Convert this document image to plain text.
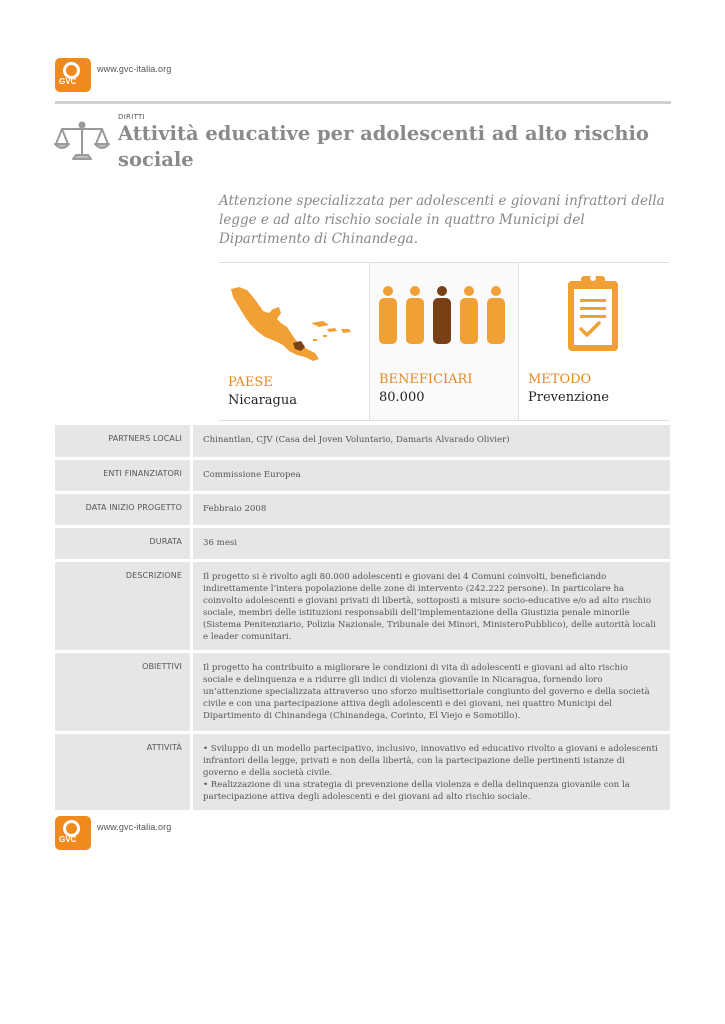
GVC
www.gvc-italia.org
DIRITTI
Attività educative per adolescenti ad alto rischio sociale

Attenzione specializzata per adolescenti e giovani infrattori della legge e ad alto rischio sociale in quattro Municipi del Dipartimento di Chinandega.

PAESE
Nicaragua
BENEFICIARI
80.000
METODO
Prevenzione
PARTNERS LOCALI	Chinantlan, CJV (Casa del Joven Voluntario, Damaris Alvarado Olivier)
ENTI FINANZIATORI	Commissione Europea
DATA INIZIO PROGETTO	Febbraio 2008
DURATA	36 mesi
DESCRIZIONE	Il progetto si è rivolto agli 80.000 adolescenti e giovani dei 4 Comuni coinvolti, beneficiando indirettamente l’intera popolazione delle zone di intervento (242.222 persone). In particolare ha coinvolto adolescenti e giovani privati di libertà, sottoposti a misure socio-educative e/o ad alto rischio sociale, membri delle istituzioni responsabili dell’implementazione della Giustizia penale minorile (Sistema Penitenziario, Polizia Nazionale, Tribunale dei Minori, MinisteroPubblico), delle autorità locali e leader comunitari.
OBIETTIVI	Il progetto ha contribuito a migliorare le condizioni di vita di adolescenti e giovani ad alto rischio sociale e delinquenza e a ridurre gli indici di violenza giovanile in Nicaragua, fornendo loro un’attenzione specializzata attraverso uno sforzo multisettoriale congiunto del governo e della società civile e con una partecipazione attiva degli adolescenti e dei giovani, nei quattro Municipi del Dipartimento di Chinandega (Chinandega, Corinto, El Viejo e Somotillo).
ATTIVITÀ	• Sviluppo di un modello partecipativo, inclusivo, innovativo ed educativo rivolto a giovani e adolescenti infrantori della legge, privati e non della libertà, con la partecipazione delle pertinenti istanze di governo e della società civile.
• Realizzazione di una strategia di prevenzione della violenza e della delinquenza giovanile con la partecipazione attiva degli adolescenti e dei giovani ad alto rischio sociale.
GVC
www.gvc-italia.org
